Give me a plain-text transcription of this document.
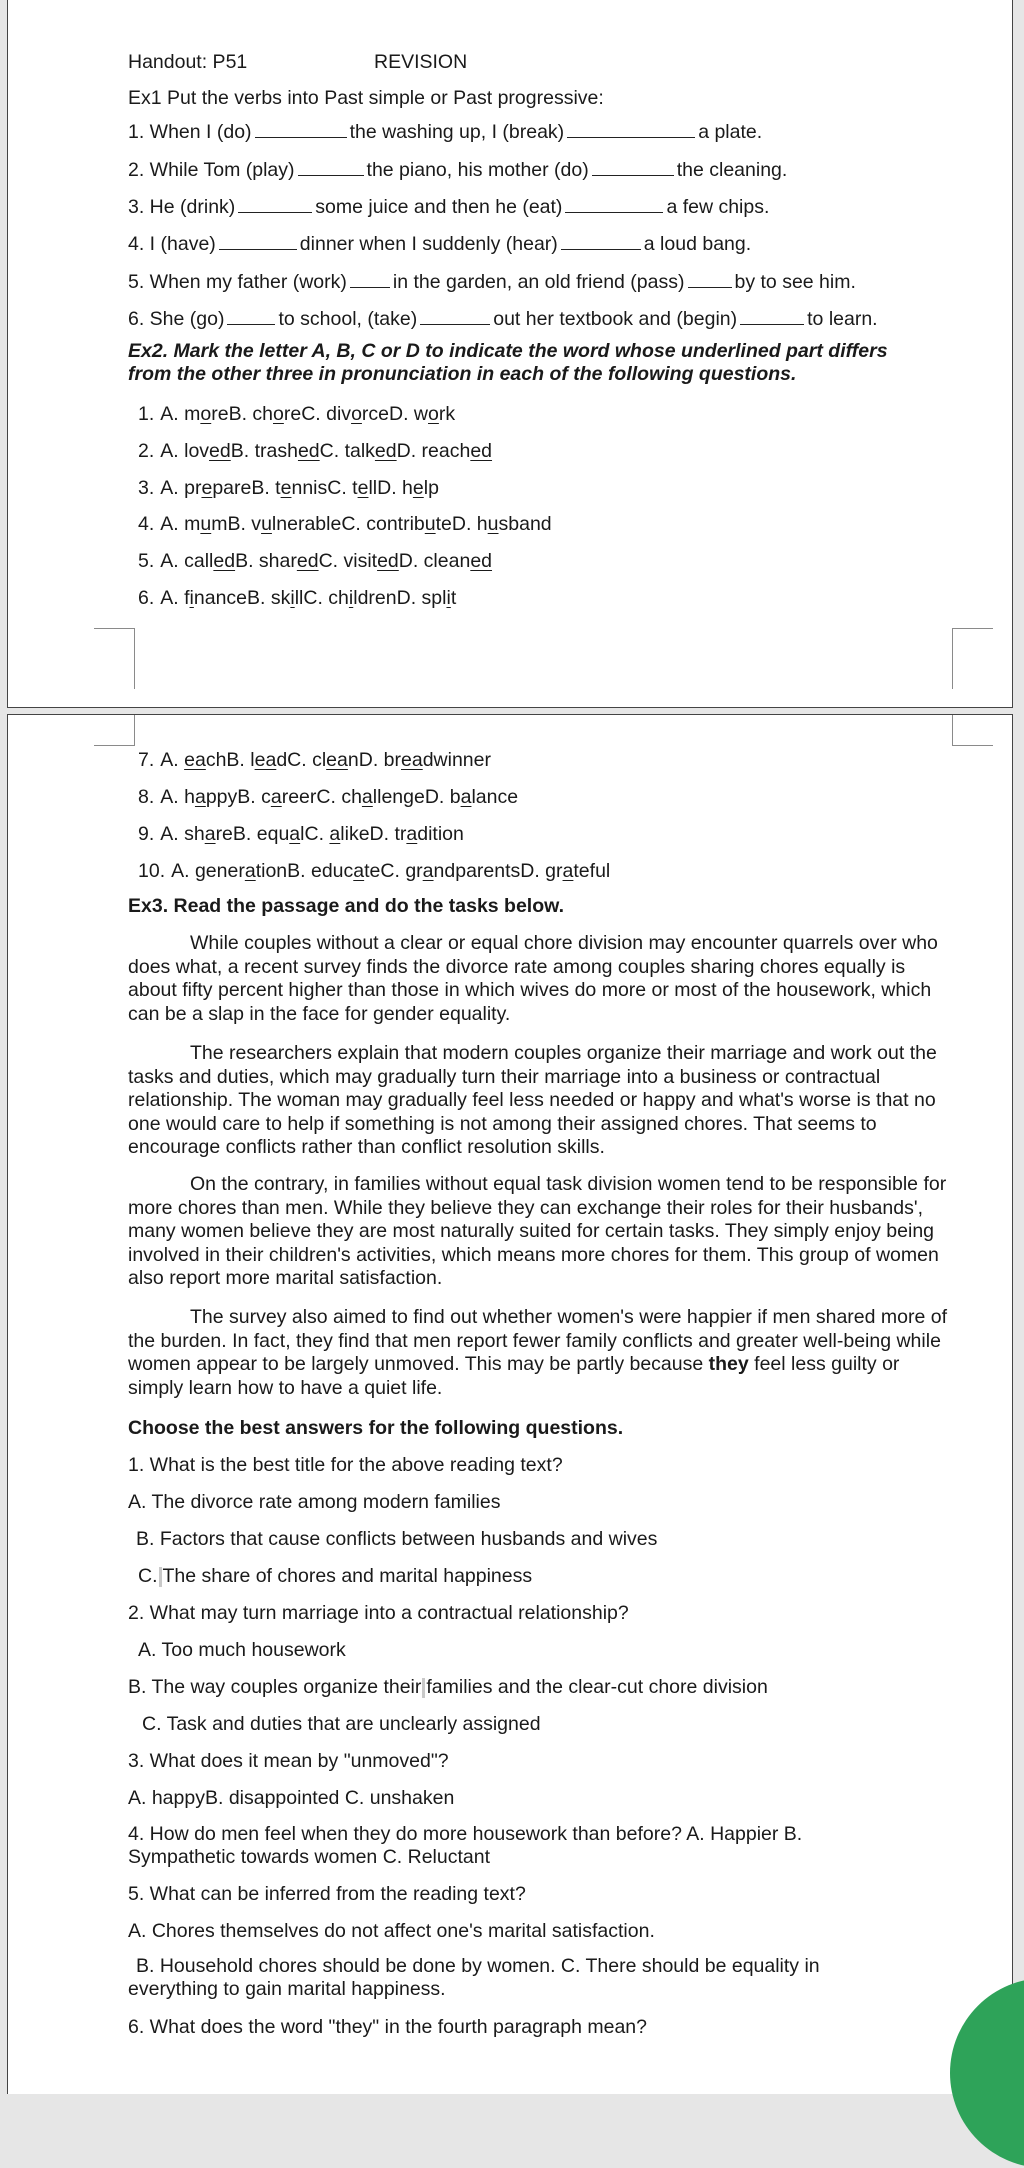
Handout: P51	REVISION
Ex1 Put the verbs into Past simple or Past progressive:
1. When I (do)	the washing up, I (break)	a plate.
2. While Tom (play)	the piano, his mother (do)	the cleaning.
3. He (drink)	some juice and then he (eat)	a few chips.
4. I (have)	dinner when I suddenly (hear)	a loud bang.
5. When my father (work) in the garden, an old friend (pass)	by to see him.
6. She (go)	to school, (take)	out her textbook and (begin)	to learn.
Ex2. Mark the letter A, B, C or D to indicate the word whose underlined part differs from the other three in pronunciation in each of the following questions.
1. A. moreB. choreC. divorceD. work
2. A. lovedB. trashedC. talkedD. reached
3. A. prepareB. tennisC. tellD. help
4. A. mumB. vulnerableC. contributeD. husband
5. A. calledB. sharedC. visitedD. cleaned
6. A. financeB. skillC. childrenD. split
7. A. eachB. leadC. cleanD. breadwinner
8. A. happyB. careerC. challengeD. balance
9. A. shareB. equalC. alikeD. tradition
10. A. generationB. educateC. grandparentsD. grateful
Ex3. Read the passage and do the tasks below.
While couples without a clear or equal chore division may encounter quarrels over who does what, a recent survey finds the divorce rate among couples sharing chores equally is about fifty percent higher than those in which wives do more or most of the housework, which can be a slap in the face for gender equality.
The researchers explain that modern couples organize their marriage and work out the tasks and duties, which may gradually turn their marriage into a business or contractual relationship. The woman may gradually feel less needed or happy and what's worse is that no one would care to help if something is not among their assigned chores. That seems to encourage conflicts rather than conflict resolution skills.
On the contrary, in families without equal task division women tend to be responsible for more chores than men. While they believe they can exchange their roles for their husbands', many women believe they are most naturally suited for certain tasks. They simply enjoy being involved in their children's activities, which means more chores for them. This group of women also report more marital satisfaction.
The survey also aimed to find out whether women's were happier if men shared more of the burden. In fact, they find that men report fewer family conflicts and greater well-being while women appear to be largely unmoved. This may be partly because they feel less guilty or simply learn how to have a quiet life.
Choose the best answers for the following questions.
1. What is the best title for the above reading text?
A. The divorce rate among modern families
B. Factors that cause conflicts between husbands and wives
C. The share of chores and marital happiness
2. What may turn marriage into a contractual relationship?
A. Too much housework
B. The way couples organize their families and the clear-cut chore division
C. Task and duties that are unclearly assigned
3. What does it mean by "unmoved"?
A. happyB. disappointed C. unshaken
4. How do men feel when they do more housework than before? A. Happier B. Sympathetic towards women C. Reluctant
5. What can be inferred from the reading text?
A. Chores themselves do not affect one's marital satisfaction.
B. Household chores should be done by women. C. There should be equality in everything to gain marital happiness.
6. What does the word "they" in the fourth paragraph mean?
